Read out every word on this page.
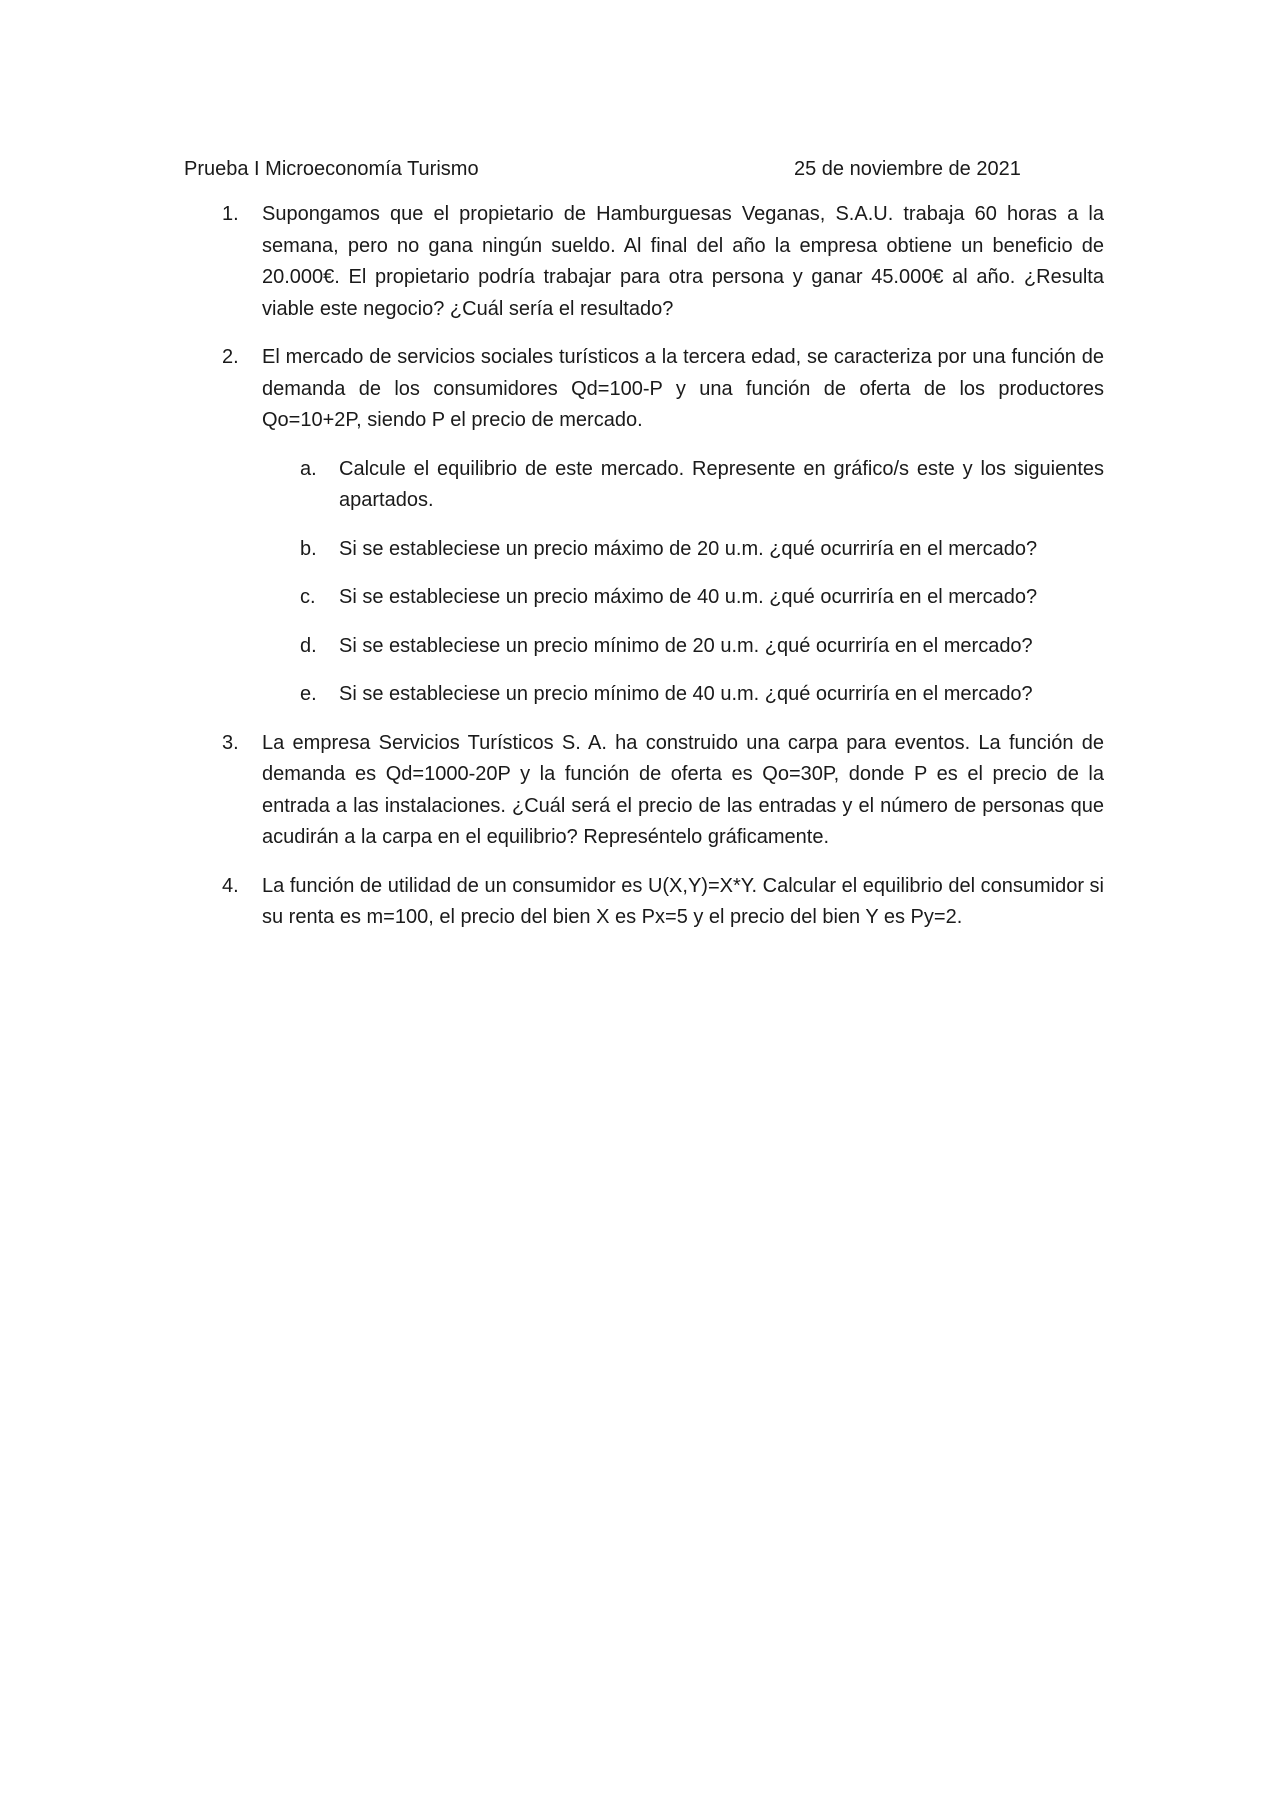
Prueba I Microeconomía Turismo	25 de noviembre de 2021
1. Supongamos que el propietario de Hamburguesas Veganas, S.A.U. trabaja 60 horas a la semana, pero no gana ningún sueldo. Al final del año la empresa obtiene un beneficio de 20.000€. El propietario podría trabajar para otra persona y ganar 45.000€ al año. ¿Resulta viable este negocio? ¿Cuál sería el resultado?
2. El mercado de servicios sociales turísticos a la tercera edad, se caracteriza por una función de demanda de los consumidores Qd=100-P y una función de oferta de los productores Qo=10+2P, siendo P el precio de mercado.
a. Calcule el equilibrio de este mercado. Represente en gráfico/s este y los siguientes apartados.
b. Si se estableciese un precio máximo de 20 u.m. ¿qué ocurriría en el mercado?
c. Si se estableciese un precio máximo de 40 u.m. ¿qué ocurriría en el mercado?
d. Si se estableciese un precio mínimo de 20 u.m. ¿qué ocurriría en el mercado?
e. Si se estableciese un precio mínimo de 40 u.m. ¿qué ocurriría en el mercado?
3. La empresa Servicios Turísticos S. A. ha construido una carpa para eventos. La función de demanda es Qd=1000-20P y la función de oferta es Qo=30P, donde P es el precio de la entrada a las instalaciones. ¿Cuál será el precio de las entradas y el número de personas que acudirán a la carpa en el equilibrio? Represéntelo gráficamente.
4. La función de utilidad de un consumidor es U(X,Y)=X*Y. Calcular el equilibrio del consumidor si su renta es m=100, el precio del bien X es Px=5 y el precio del bien Y es Py=2.
